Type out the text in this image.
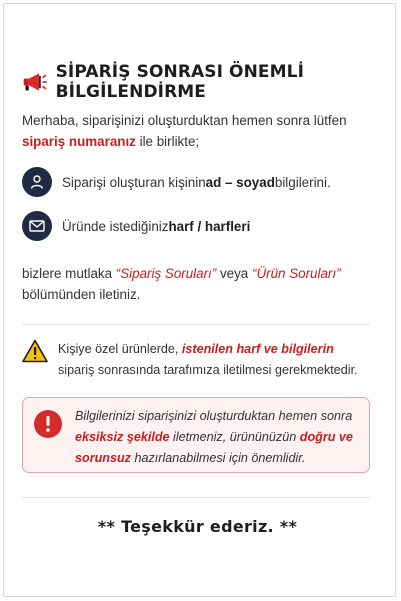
SİPARİŞ SONRASI ÖNEMLİ BİLGİLENDİRME
Merhaba, siparişinizi oluşturduktan hemen sonra lütfen sipariş numaranız ile birlikte;
Siparişi oluşturan kişinin ad – soyad bilgilerini.
Üründe istediğiniz harf / harfleri
bizlere mutlaka “Sipariş Soruları” veya “Ürün Soruları” bölümünden iletiniz.
Kişiye özel ürünlerde, istenilen harf ve bilgilerin sipariş sonrasında tarafımıza iletilmesi gerekmektedir.
Bilgilerinizi siparişinizi oluşturduktan hemen sonra eksiksiz şekilde iletmeniz, ürününüzün doğru ve sorunsuz hazırlanabilmesi için önemlidir.
** Teşekkür ederiz. **
